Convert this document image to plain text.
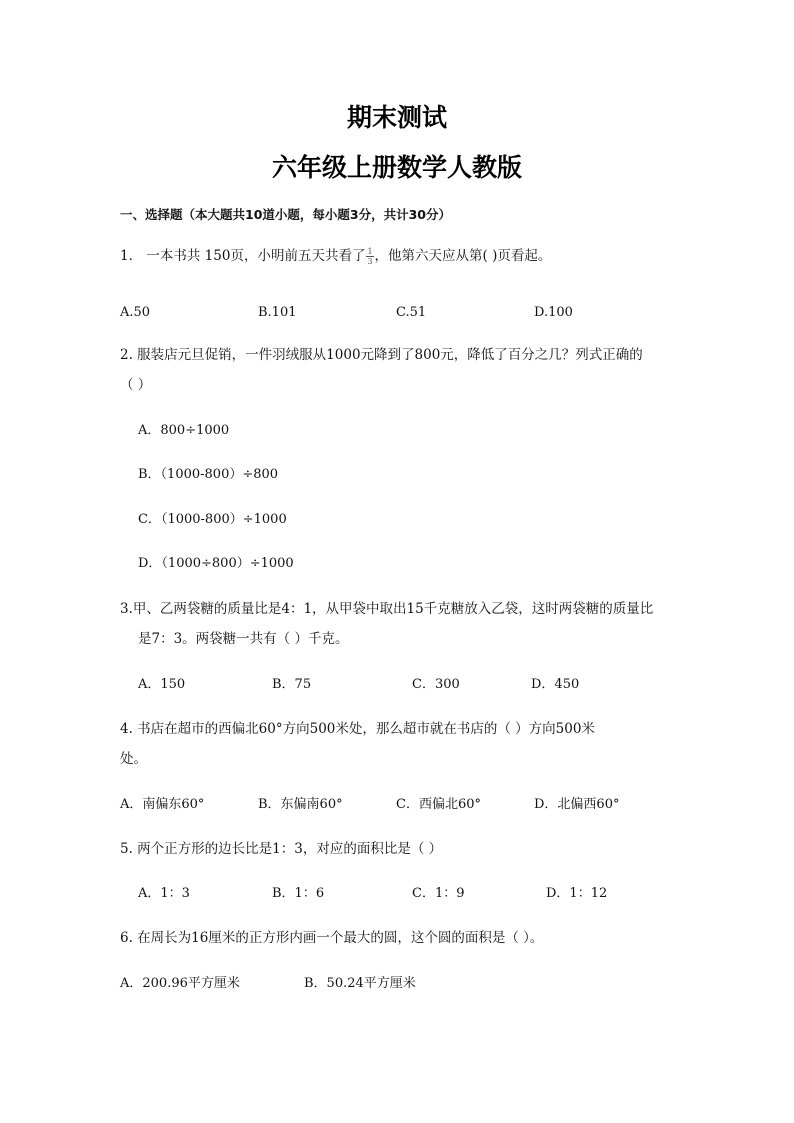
期末测试
六年级上册数学人教版
一、选择题（本大题共10道小题，每小题3分，共计30分）
1． 一本书共 150页，小明前五天共看了 $\frac{1}{3}$ ，他第六天应从第( )页看起。
A.50	B.101	C.51	D.100
2. 服装店元旦促销，一件羽绒服从1000元降到了800元，降低了百分之几？列式正确的
（ ）
A．800÷1000
B．（1000-800）÷800
C．（1000-800）÷1000
D．（1000÷800）÷1000
3.甲、乙两袋糖的质量比是4：1，从甲袋中取出15千克糖放入乙袋，这时两袋糖的质量比
是7：3。两袋糖一共有（ ）千克。
A．150	B．75	C．300	D．450
4. 书店在超市的西偏北60°方向500米处，那么超市就在书店的（ ）方向500米
处。
A．南偏东60°	B．东偏南60°	C．西偏北60°	D．北偏西60°
5. 两个正方形的边长比是1：3，对应的面积比是（ ）
A．1：3	B．1：6	C．1：9	D．1：12
6. 在周长为16厘米的正方形内画一个最大的圆，这个圆的面积是（ ）。
A．200.96平方厘米	B．50.24平方厘米
